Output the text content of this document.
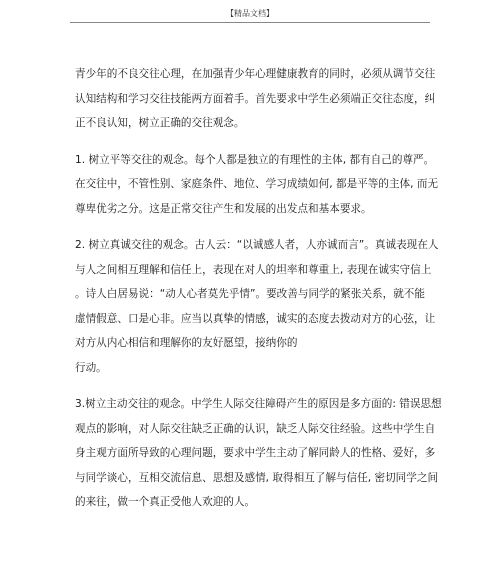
【精品文档】

青少年的不良交往心理，在加强青少年心理健康教育的同时，必须从调节交往
认知结构和学习交往技能两方面着手。首先要求中学生必须端正交往态度，纠
正不良认知，树立正确的交往观念。

1. 树立平等交往的观念。每个人都是独立的有理性的主体, 都有自己的尊严。
在交往中，不管性别、家庭条件、地位、学习成绩如何, 都是平等的主体, 而无
尊卑优劣之分。这是正常交往产生和发展的出发点和基本要求。

2. 树立真诚交往的观念。古人云：“以诚感人者，人亦诚而言”。真诚表现在人
与人之间相互理解和信任上，表现在对人的坦率和尊重上, 表现在诚实守信上
。诗人白居易说：“动人心者莫先乎情”。要改善与同学的紧张关系，就不能
虚情假意、口是心非。应当以真挚的情感，诚实的态度去拨动对方的心弦，让
对方从内心相信和理解你的友好愿望，接纳你的
行动。

3.树立主动交往的观念。中学生人际交往障碍产生的原因是多方面的: 错误思想
观点的影响，对人际交往缺乏正确的认识，缺乏人际交往经验。这些中学生自
身主观方面所导致的心理问题，要求中学生主动了解同龄人的性格、爱好，多
与同学谈心，互相交流信息、思想及感情, 取得相互了解与信任, 密切同学之间
的来往，做一个真正受他人欢迎的人。
